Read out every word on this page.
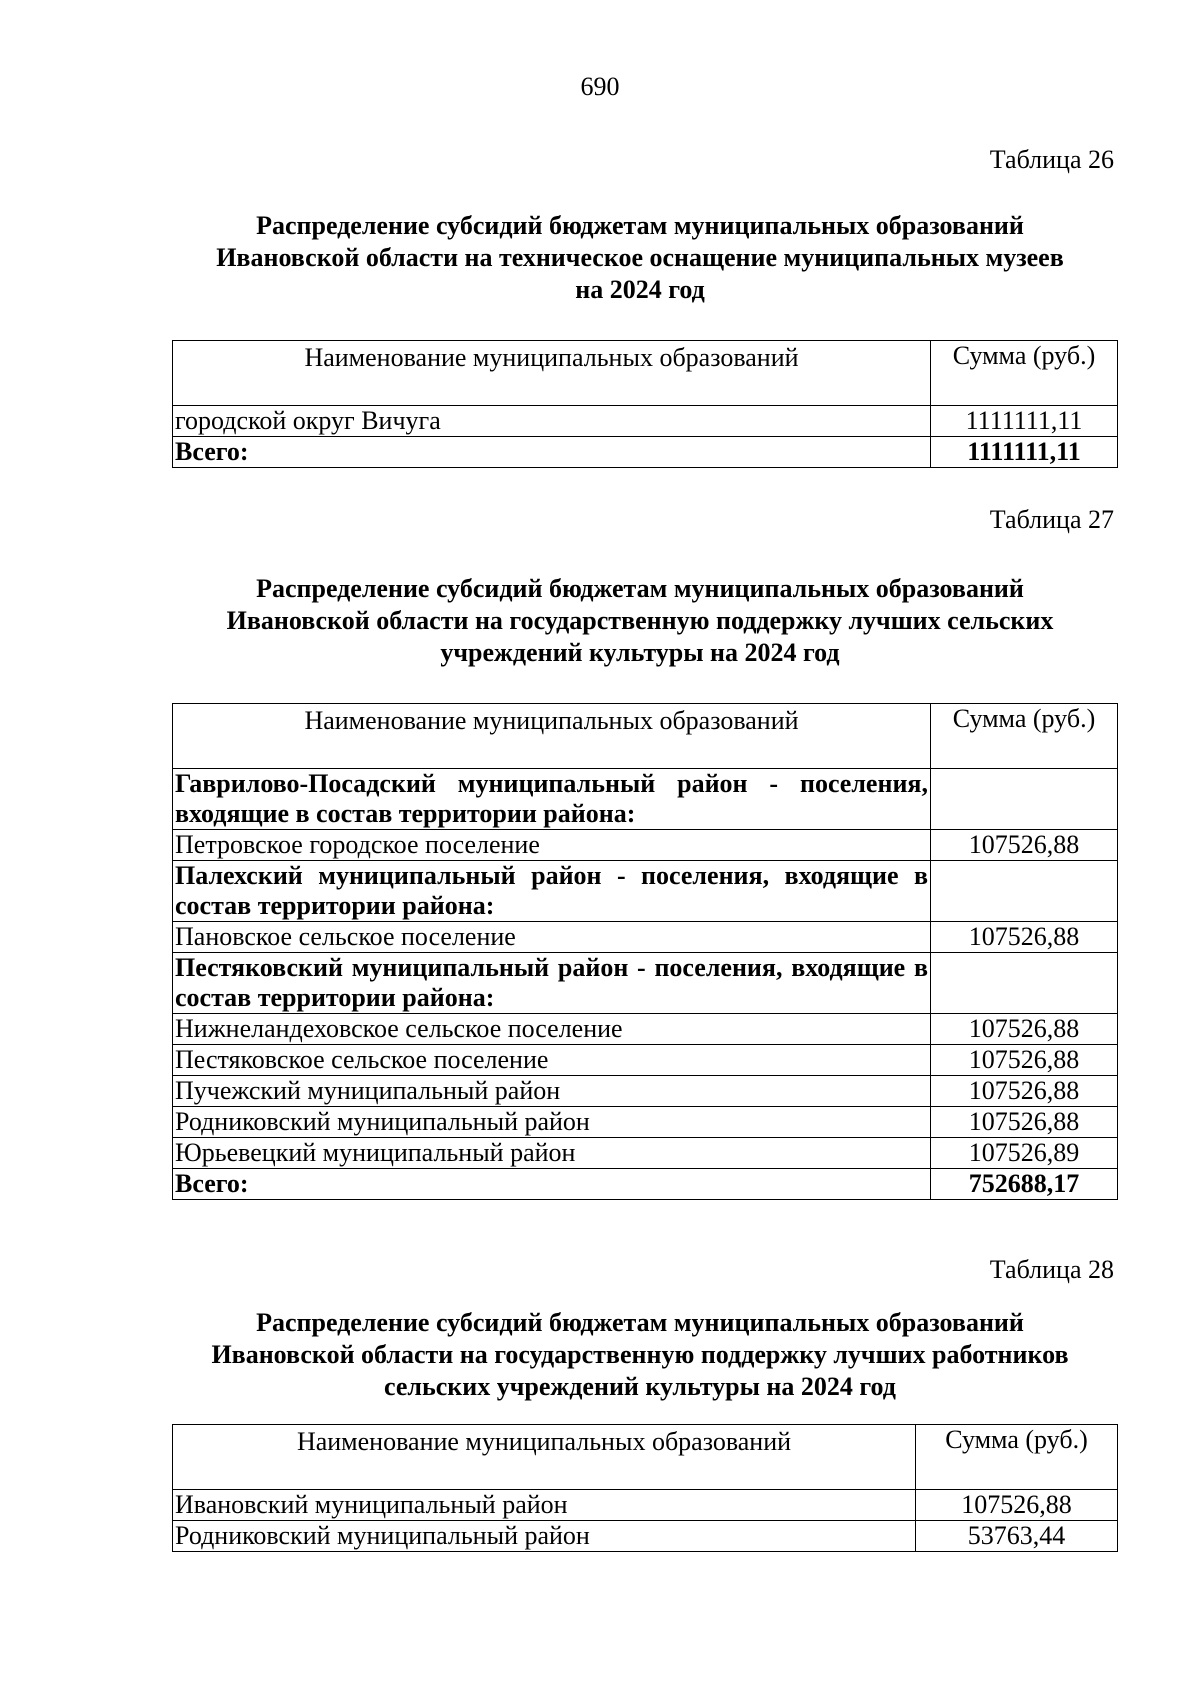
690
Таблица 26
Распределение субсидий бюджетам муниципальных образований
Ивановской области на техническое оснащение муниципальных музеев
на 2024 год
Наименование муниципальных образований	Сумма (руб.)
городской округ Вичуга	1111111,11
Всего:	1111111,11
Таблица 27
Распределение субсидий бюджетам муниципальных образований
Ивановской области на государственную поддержку лучших сельских
учреждений культуры на 2024 год
Наименование муниципальных образований	Сумма (руб.)
Гаврилово-Посадский муниципальный район - поселения, входящие в состав территории района:	
Петровское городское поселение	107526,88
Палехский муниципальный район - поселения, входящие в состав территории района:	
Пановское сельское поселение	107526,88
Пестяковский муниципальный район - поселения, входящие в состав территории района:	
Нижнеландеховское сельское поселение	107526,88
Пестяковское сельское поселение	107526,88
Пучежский муниципальный район	107526,88
Родниковский муниципальный район	107526,88
Юрьевецкий муниципальный район	107526,89
Всего:	752688,17
Таблица 28
Распределение субсидий бюджетам муниципальных образований
Ивановской области на государственную поддержку лучших работников
сельских учреждений культуры на 2024 год
Наименование муниципальных образований	Сумма (руб.)
Ивановский муниципальный район	107526,88
Родниковский муниципальный район	53763,44
